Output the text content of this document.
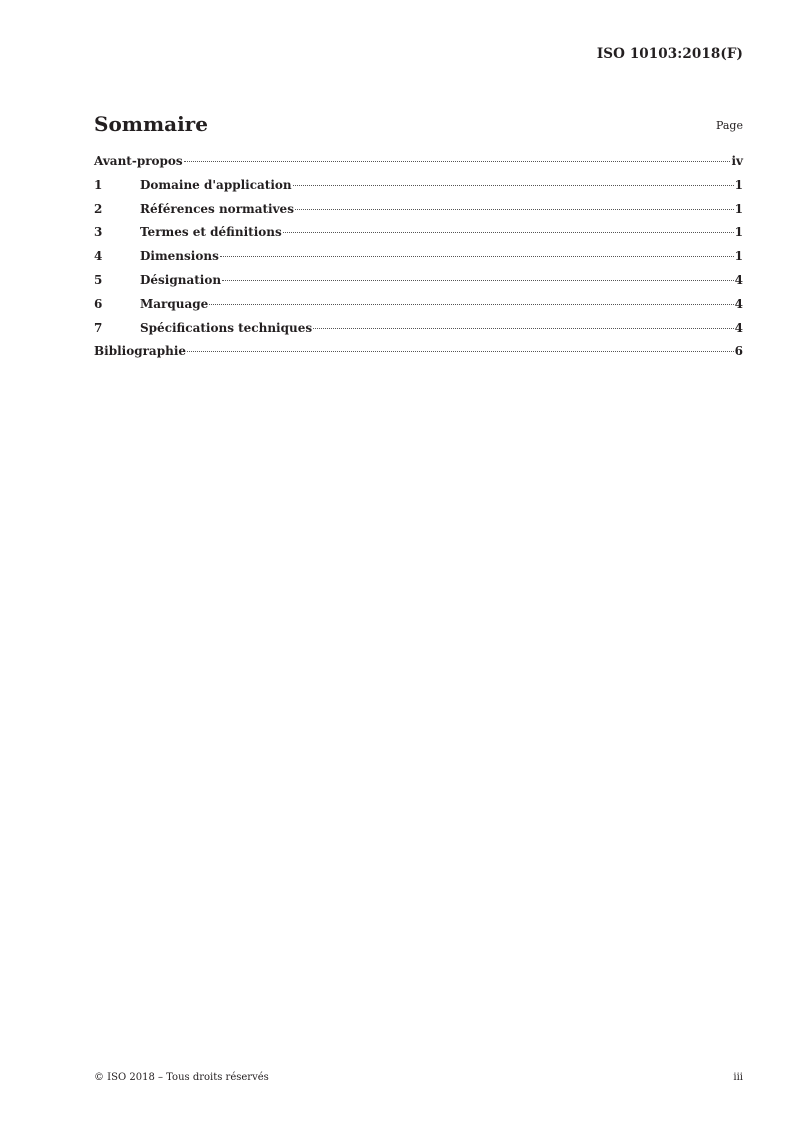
ISO 10103:2018(F)
Sommaire	Page
Avant-propos	iv
1	Domaine d'application	1
2	Références normatives	1
3	Termes et définitions	1
4	Dimensions	1
5	Désignation	4
6	Marquage	4
7	Spécifications techniques	4
Bibliographie	6
© ISO 2018 – Tous droits réservés	iii
